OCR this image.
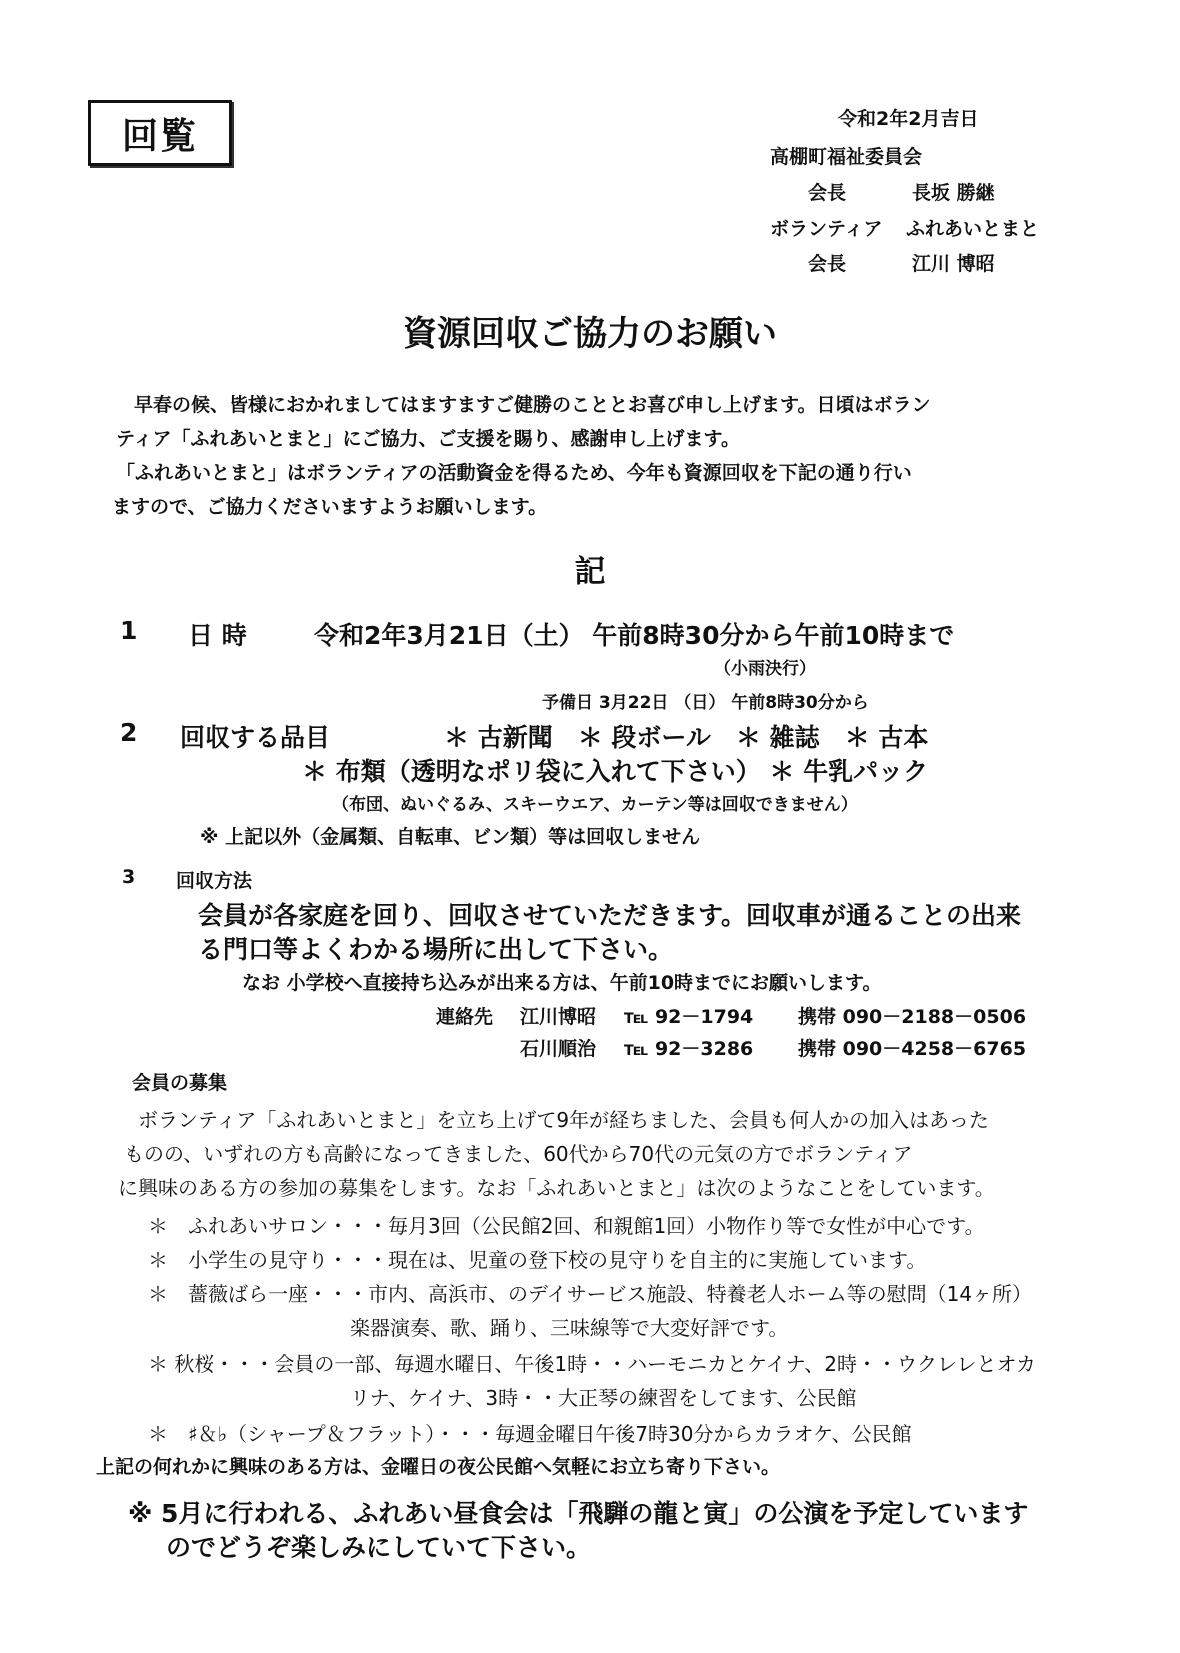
回覧	令和2年2月吉日
高棚町福祉委員会
会長	長坂 勝継
ボランティア ふれあいとまと
会長	江川 博昭
資源回収ご協力のお願い
早春の候、皆様におかれましてはますますご健勝のこととお喜び申し上げます。日頃はボラン
ティア「ふれあいとまと」にご協力、ご支援を賜り、感謝申し上げます。
「ふれあいとまと」はボランティアの活動資金を得るため、今年も資源回収を下記の通り行い
ますので、ご協力くださいますようお願いします。
記
1 日 時	令和2年3月21日（土） 午前8時30分から午前10時まで
（小雨決行）
予備日 3月22日 （日） 午前8時30分から
2 回収する品目	＊ 古新聞　＊ 段ボール　＊ 雑誌　＊ 古本
＊ 布類（透明なポリ袋に入れて下さい） ＊ 牛乳パック
（布団、ぬいぐるみ、スキーウエア、カーテン等は回収できません）
※ 上記以外（金属類、自転車、ビン類）等は回収しません
3 回収方法
会員が各家庭を回り、回収させていただきます。回収車が通ることの出来
る門口等よくわかる場所に出して下さい。
なお 小学校へ直接持ち込みが出来る方は、午前10時までにお願いします。
連絡先 江川博昭 ℡ 92－1794 携帯 090－2188－0506
石川順治 ℡ 92－3286 携帯 090－4258－6765
会員の募集
ボランティア「ふれあいとまと」を立ち上げて9年が経ちました、会員も何人かの加入はあった
ものの、いずれの方も高齢になってきました、60代から70代の元気の方でボランティア
に興味のある方の参加の募集をします。なお「ふれあいとまと」は次のようなことをしています。
＊　ふれあいサロン・・・毎月3回（公民館2回、和親館1回）小物作り等で女性が中心です。
＊　小学生の見守り・・・現在は、児童の登下校の見守りを自主的に実施しています。
＊　薔薇ばら一座・・・市内、高浜市、のデイサービス施設、特養老人ホーム等の慰問（14ヶ所）
楽器演奏、歌、踊り、三味線等で大変好評です。
＊ 秋桜・・・会員の一部、毎週水曜日、午後1時・・ハーモニカとケイナ、2時・・ウクレレとオカ
リナ、ケイナ、3時・・大正琴の練習をしてます、公民館
＊　♯＆♭（シャープ＆フラット）・・・毎週金曜日午後7時30分からカラオケ、公民館
上記の何れかに興味のある方は、金曜日の夜公民館へ気軽にお立ち寄り下さい。
※ 5月に行われる、ふれあい昼食会は「飛騨の龍と寅」の公演を予定しています
のでどうぞ楽しみにしていて下さい。
